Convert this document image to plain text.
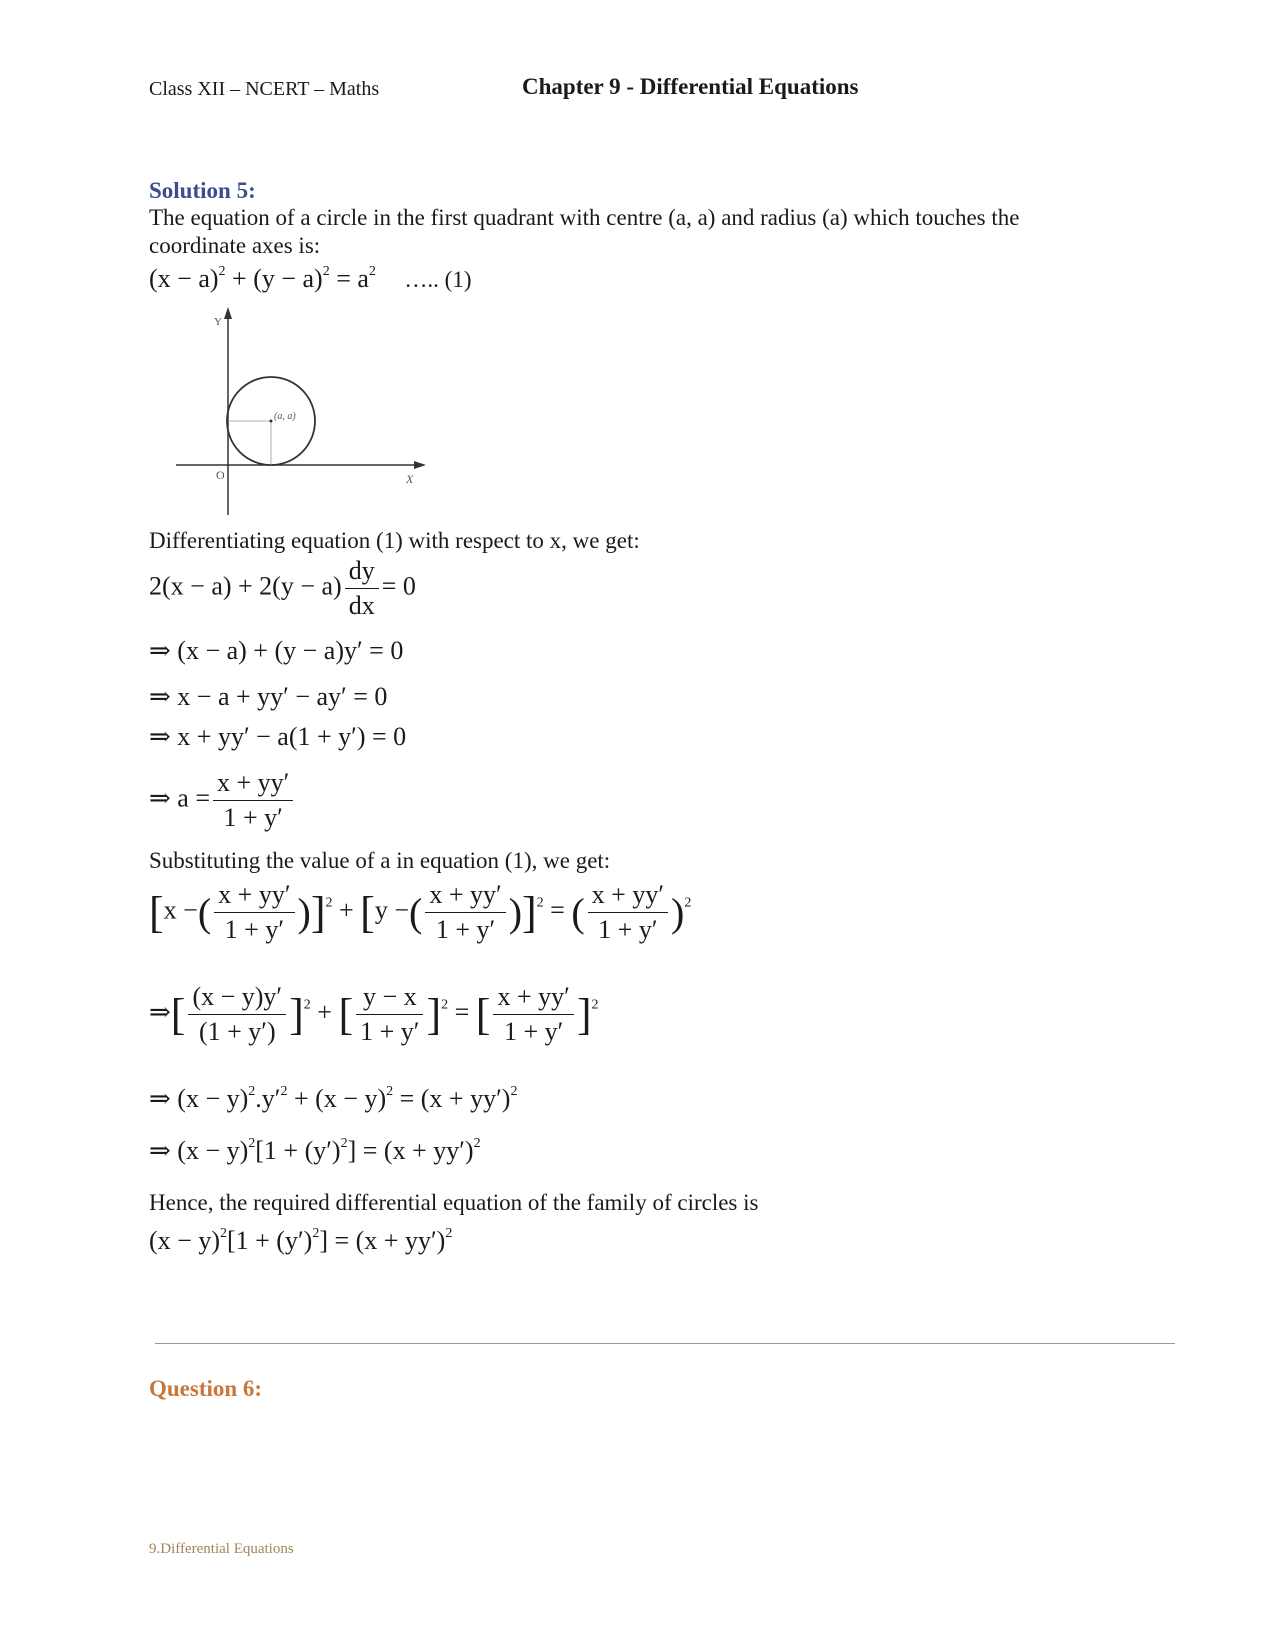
Class XII – NCERT – Maths	Chapter 9 - Differential Equations
Solution 5:
The equation of a circle in the first quadrant with centre (a, a) and radius (a) which touches the
coordinate axes is:
$(x - a)^2 + (y - a)^2 = a^2$ ….. (1)
(a, a)
Y
X
O
Differentiating equation (1) with respect to x, we get:
$2(x - a) + 2(y - a) \frac{dy}{dx} = 0$
⇒ (x − a) + (y − a)y′ = 0
⇒ x − a + yy′ − ay′ = 0
⇒ x + yy′ − a(1 + y′) = 0
⇒ $a = \frac{x + yy'}{1 + y'}$
Substituting the value of a in equation (1), we get:
[x −( $\frac{x + yy'}{1 + y'} )]^2 + [y$ −( $\frac{x + yy'}{1 + y'} )]^2$ = ( $\frac{x + yy'}{1 + y'} )^2$
⇒[ $\frac{(x - y)y'}{(1 + y')} ]^2$ + [ $\frac{y - x}{1 + y'} ]^2$ = [ $\frac{x + yy'}{1 + y'} ]^2$
⇒ $(x - y)^2.y'^2 + (x - y)^2 = (x + yy')^2$
⇒ $(x - y)^2[1 + (y')^2] = (x + yy')^2$
Hence, the required differential equation of the family of circles is
$(x - y)^2[1 + (y')^2] = (x + yy')^2$
Question 6:
9.Differential Equations
